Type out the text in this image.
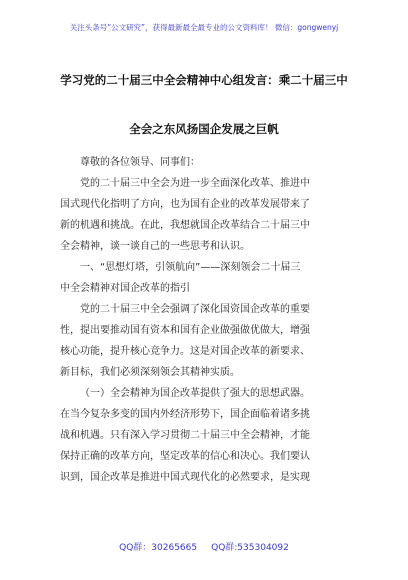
关注头条号“公文研究”，获得最新最全最专业的公文资料库！ 微信：gongwenyj
学习党的二十届三中全会精神中心组发言：乘二十届三中
全会之东风扬国企发展之巨帆
尊敬的各位领导、同事们：
党的二十届三中全会为进一步全面深化改革、推进中
国式现代化指明了方向，也为国有企业的改革发展带来了
新的机遇和挑战。在此，我想就国企改革结合二十届三中
全会精神，谈一谈自己的一些思考和认识。
一、“思想灯塔，引领航向”——深刻领会二十届三
中全会精神对国企改革的指引
党的二十届三中全会强调了深化国资国企改革的重要
性，提出要推动国有资本和国有企业做强做优做大，增强
核心功能，提升核心竞争力。这是对国企改革的新要求、
新目标，我们必须深刻领会其精神实质。
（一）全会精神为国企改革提供了强大的思想武器。
在当今复杂多变的国内外经济形势下，国企面临着诸多挑
战和机遇。只有深入学习贯彻二十届三中全会精神，才能
保持正确的改革方向，坚定改革的信心和决心。我们要认
识到，国企改革是推进中国式现代化的必然要求，是实现
QQ群：30265665 QQ群:535304092
